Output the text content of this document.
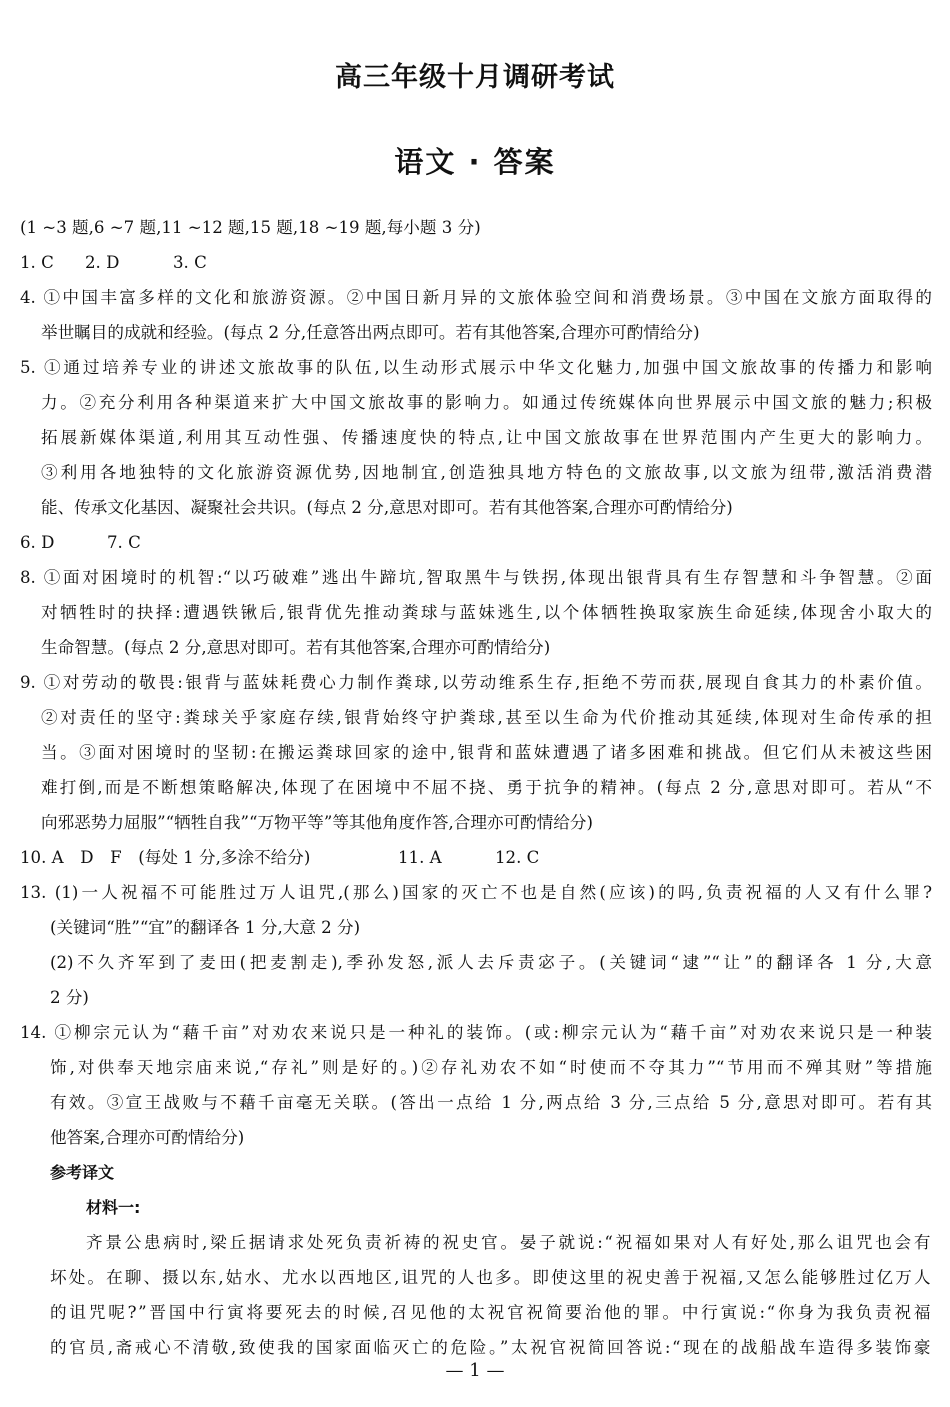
高三年级十月调研考试
语文 · 答案
(1 ~3 题,6 ~7 题,11 ~12 题,15 题,18 ~19 题,每小题 3 分)
1. C 2. D	3. C
4. ①中国丰富多样的文化和旅游资源。②中国日新月异的文旅体验空间和消费场景。③中国在文旅方面取得的
举世瞩目的成就和经验。(每点 2 分,任意答出两点即可。若有其他答案,合理亦可酌情给分)
5. ①通过培养专业的讲述文旅故事的队伍,以生动形式展示中华文化魅力,加强中国文旅故事的传播力和影响
力。②充分利用各种渠道来扩大中国文旅故事的影响力。如通过传统媒体向世界展示中国文旅的魅力;积极
拓展新媒体渠道,利用其互动性强、传播速度快的特点,让中国文旅故事在世界范围内产生更大的影响力。
③利用各地独特的文化旅游资源优势,因地制宜,创造独具地方特色的文旅故事,以文旅为纽带,激活消费潜
能、传承文化基因、凝聚社会共识。(每点 2 分,意思对即可。若有其他答案,合理亦可酌情给分)
6. D	7. C
8. ①面对困境时的机智:“以巧破难”逃出牛蹄坑,智取黑牛与铁拐,体现出银背具有生存智慧和斗争智慧。②面
对牺牲时的抉择:遭遇铁锹后,银背优先推动粪球与蓝妹逃生,以个体牺牲换取家族生命延续,体现舍小取大的
生命智慧。(每点 2 分,意思对即可。若有其他答案,合理亦可酌情给分)
9. ①对劳动的敬畏:银背与蓝妹耗费心力制作粪球,以劳动维系生存,拒绝不劳而获,展现自食其力的朴素价值。
②对责任的坚守:粪球关乎家庭存续,银背始终守护粪球,甚至以生命为代价推动其延续,体现对生命传承的担
当。③面对困境时的坚韧:在搬运粪球回家的途中,银背和蓝妹遭遇了诸多困难和挑战。但它们从未被这些困
难打倒,而是不断想策略解决,体现了在困境中不屈不挠、勇于抗争的精神。(每点 2 分,意思对即可。若从“不
向邪恶势力屈服”“牺牲自我”“万物平等”等其他角度作答,合理亦可酌情给分)
10. A　D　F　(每处 1 分,多涂不给分)	11. A	12. C
13. (1)一人祝福不可能胜过万人诅咒,(那么)国家的灭亡不也是自然(应该)的吗,负责祝福的人又有什么罪?
(关键词“胜”“宜”的翻译各 1 分,大意 2 分)
(2)不久齐军到了麦田(把麦割走),季孙发怒,派人去斥责宓子。(关键词“逮”“让”的翻译各 1 分,大意
2 分)
14. ①柳宗元认为“藉千亩”对劝农来说只是一种礼的装饰。(或:柳宗元认为“藉千亩”对劝农来说只是一种装
饰,对供奉天地宗庙来说,“存礼”则是好的。)②存礼劝农不如“时使而不夺其力”“节用而不殚其财”等措施
有效。③宣王战败与不藉千亩毫无关联。(答出一点给 1 分,两点给 3 分,三点给 5 分,意思对即可。若有其
他答案,合理亦可酌情给分)
参考译文
材料一:
齐景公患病时,梁丘据请求处死负责祈祷的祝史官。晏子就说:“祝福如果对人有好处,那么诅咒也会有
坏处。在聊、摄以东,姑水、尤水以西地区,诅咒的人也多。即使这里的祝史善于祝福,又怎么能够胜过亿万人
的诅咒呢?”晋国中行寅将要死去的时候,召见他的太祝官祝简要治他的罪。中行寅说:“你身为我负责祝福
的官员,斋戒心不清敬,致使我的国家面临灭亡的危险。”太祝官祝简回答说:“现在的战船战车造得多装饰豪
— 1 —
